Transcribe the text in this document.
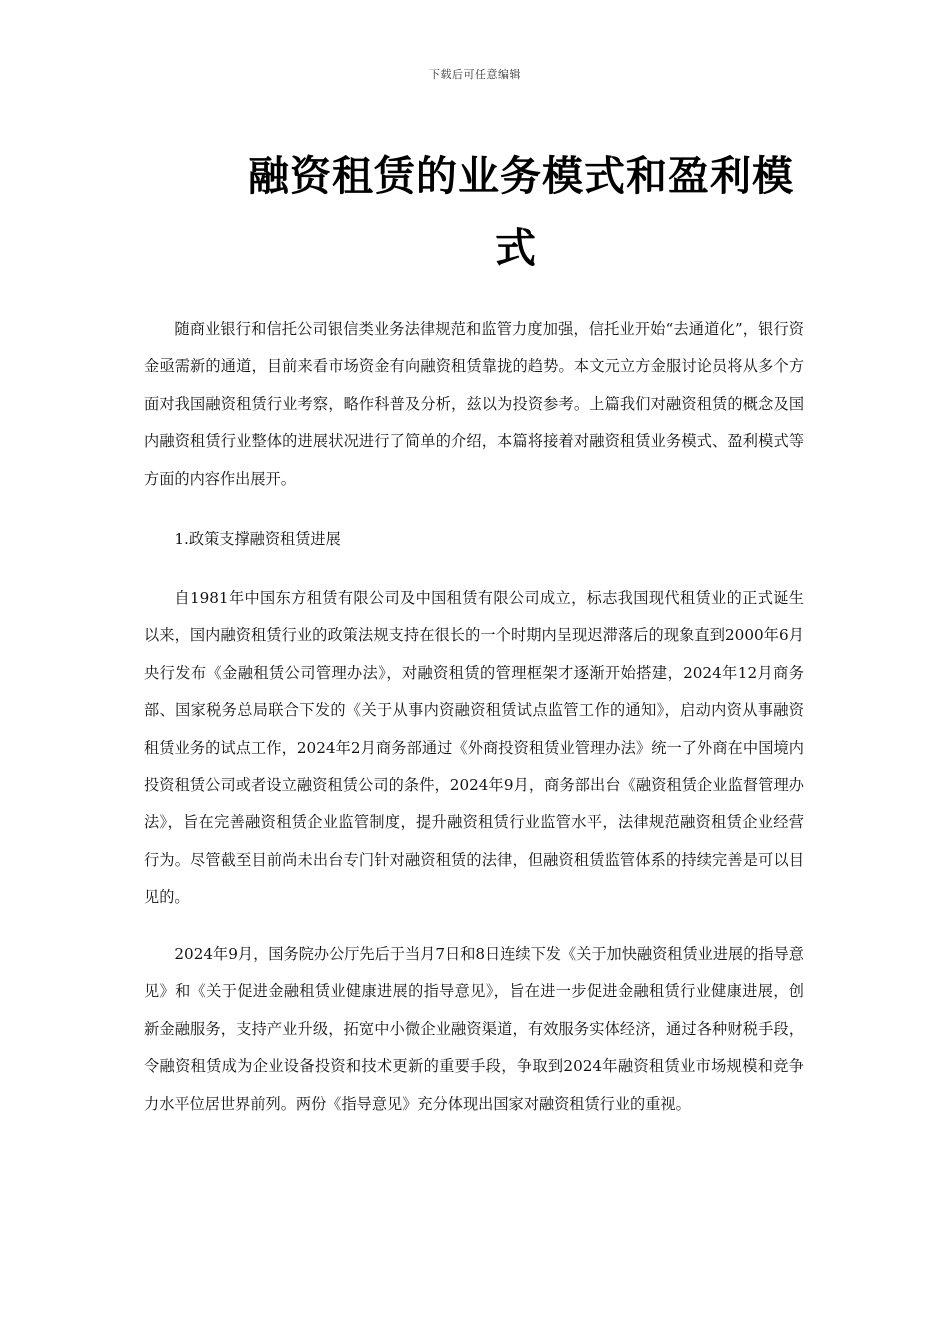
下载后可任意编辑
融资租赁的业务模式和盈利模
式

随商业银行和信托公司银信类业务法律规范和监管力度加强，信托业开始“去通道化”，银行资金亟需新的通道，目前来看市场资金有向融资租赁靠拢的趋势。本文元立方金服讨论员将从多个方面对我国融资租赁行业考察，略作科普及分析，兹以为投资参考。上篇我们对融资租赁的概念及国内融资租赁行业整体的进展状况进行了简单的介绍，本篇将接着对融资租赁业务模式、盈利模式等方面的内容作出展开。

1.政策支撑融资租赁进展

自1981年中国东方租赁有限公司及中国租赁有限公司成立，标志我国现代租赁业的正式诞生以来，国内融资租赁行业的政策法规支持在很长的一个时期内呈现迟滞落后的现象直到2000年6月央行发布《金融租赁公司管理办法》，对融资租赁的管理框架才逐渐开始搭建，2024年12月商务部、国家税务总局联合下发的《关于从事内资融资租赁试点监管工作的通知》，启动内资从事融资租赁业务的试点工作，2024年2月商务部通过《外商投资租赁业管理办法》统一了外商在中国境内投资租赁公司或者设立融资租赁公司的条件，2024年9月，商务部出台《融资租赁企业监督管理办法》，旨在完善融资租赁企业监管制度，提升融资租赁行业监管水平，法律规范融资租赁企业经营行为。尽管截至目前尚未出台专门针对融资租赁的法律，但融资租赁监管体系的持续完善是可以目见的。

2024年9月，国务院办公厅先后于当月7日和8日连续下发《关于加快融资租赁业进展的指导意见》和《关于促进金融租赁业健康进展的指导意见》，旨在进一步促进金融租赁行业健康进展，创新金融服务，支持产业升级，拓宽中小微企业融资渠道，有效服务实体经济，通过各种财税手段，令融资租赁成为企业设备投资和技术更新的重要手段，争取到2024年融资租赁业市场规模和竞争力水平位居世界前列。两份《指导意见》充分体现出国家对融资租赁行业的重视。
